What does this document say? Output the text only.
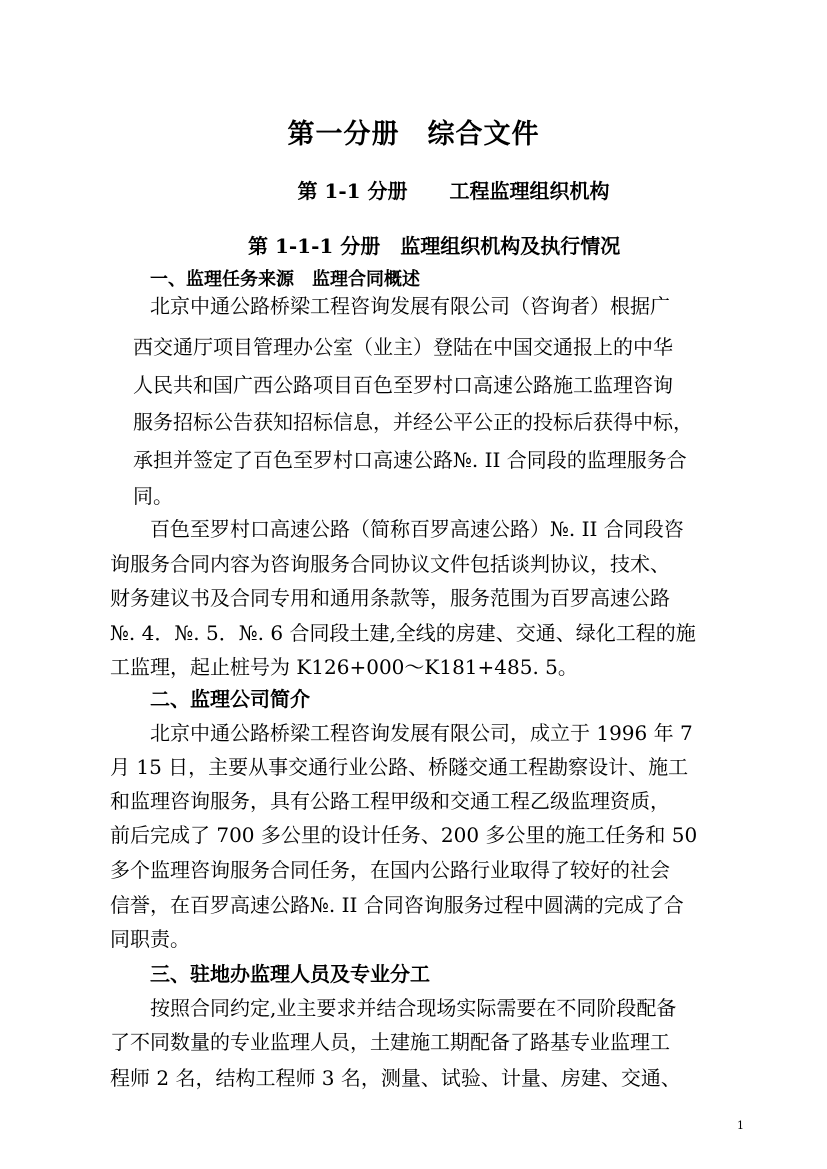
第一分册 综合文件
第 1-1 分册 工程监理组织机构
第 1-1-1 分册 监理组织机构及执行情况
一、监理任务来源 监理合同概述
北京中通公路桥梁工程咨询发展有限公司（咨询者）根据广
西交通厅项目管理办公室（业主）登陆在中国交通报上的中华
人民共和国广西公路项目百色至罗村口高速公路施工监理咨询
服务招标公告获知招标信息，并经公平公正的投标后获得中标，
承担并签定了百色至罗村口高速公路№. II 合同段的监理服务合
同。
百色至罗村口高速公路（简称百罗高速公路）№. II 合同段咨
询服务合同内容为咨询服务合同协议文件包括谈判协议，技术、
财务建议书及合同专用和通用条款等，服务范围为百罗高速公路
№. 4．№. 5．№. 6 合同段土建,全线的房建、交通、绿化工程的施
工监理，起止桩号为 K126+000～K181+485. 5。
二、监理公司简介
北京中通公路桥梁工程咨询发展有限公司，成立于 1996 年 7
月 15 日，主要从事交通行业公路、桥隧交通工程勘察设计、施工
和监理咨询服务，具有公路工程甲级和交通工程乙级监理资质，
前后完成了 700 多公里的设计任务、200 多公里的施工任务和 50
多个监理咨询服务合同任务，在国内公路行业取得了较好的社会
信誉，在百罗高速公路№. II 合同咨询服务过程中圆满的完成了合
同职责。
三、驻地办监理人员及专业分工
按照合同约定,业主要求并结合现场实际需要在不同阶段配备
了不同数量的专业监理人员，土建施工期配备了路基专业监理工
程师 2 名，结构工程师 3 名，测量、试验、计量、房建、交通、
1
